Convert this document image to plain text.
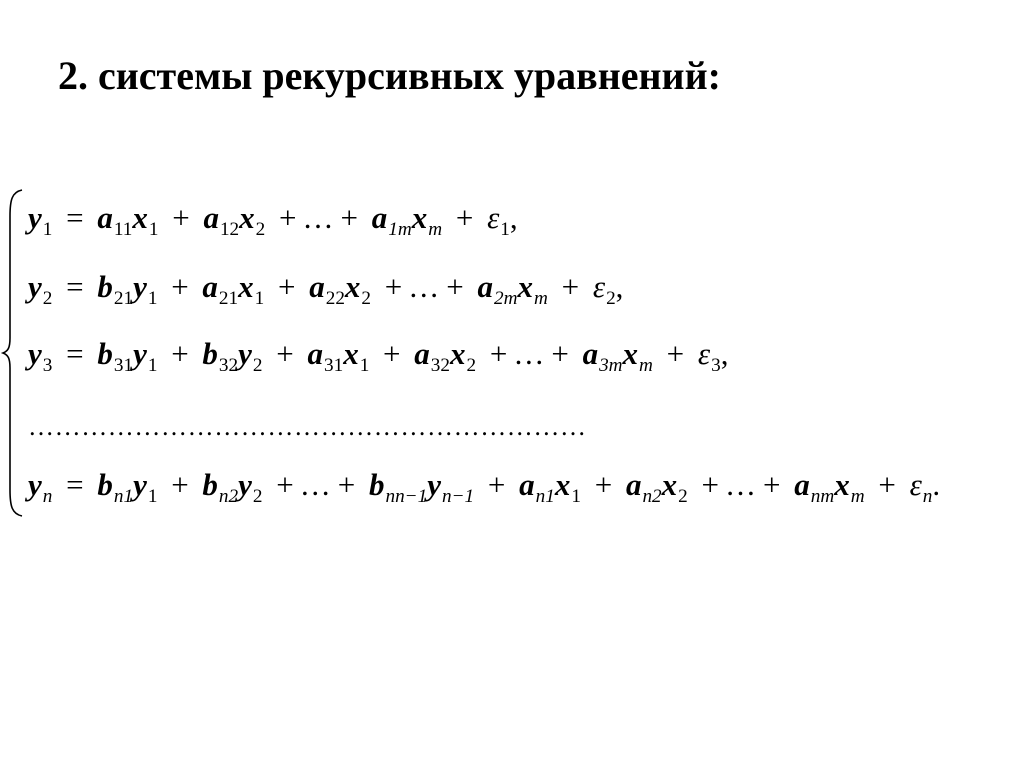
2. системы рекурсивных уравнений:
$y_1 = a_{11}x_1 + a_{12}x_2$ + … + $a_{1m}x_m + \varepsilon_1$,
$y_2 = b_{21}y_1 + a_{21}x_1 + a_{22}x_2$ + … + $a_{2m}x_m + \varepsilon_2$,
$y_3 = b_{31}y_1 + b_{32}y_2 + a_{31}x_1 + a_{32}x_2$ + … + $a_{3m}x_m + \varepsilon_3$,
………………………………………………………
$y_n = b_{n1}y_1 + b_{n2}y_2$ + … + $b_{nn-1}y_{n-1} + a_{n1}x_1 + a_{n2}x_2$ + … + $a_{nm}x_m + \varepsilon_n$.
